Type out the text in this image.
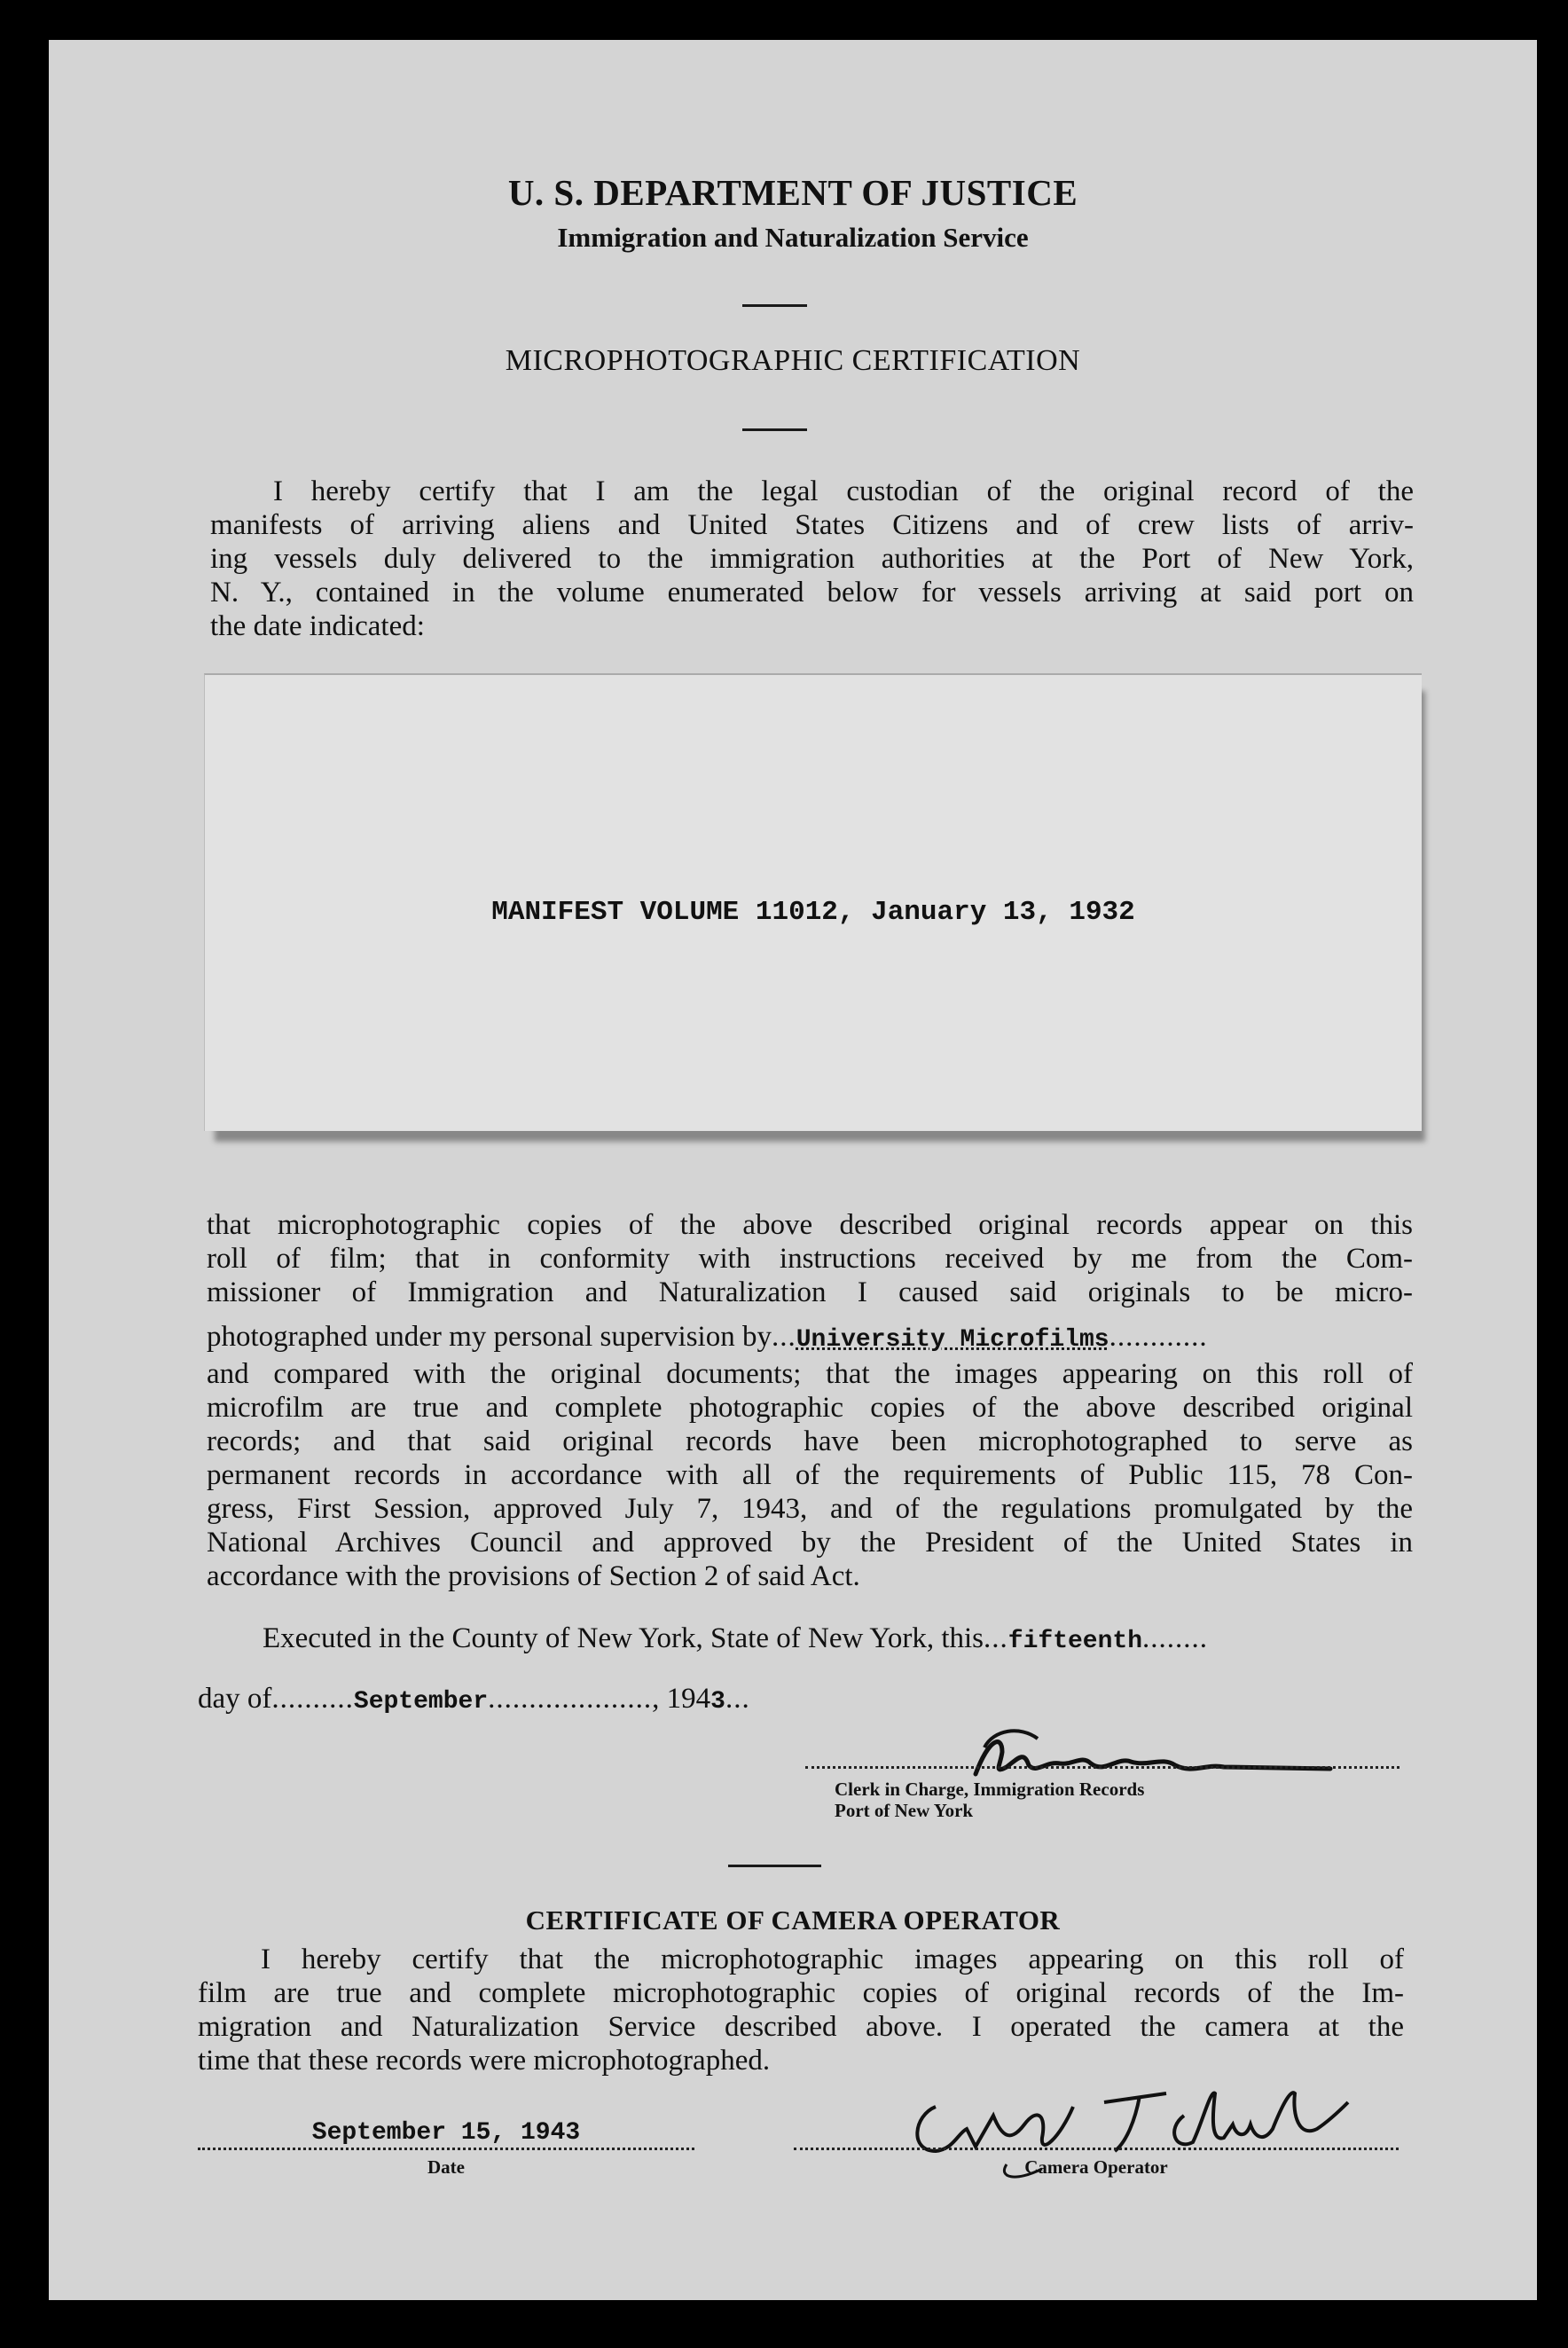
U. S. DEPARTMENT OF JUSTICE
Immigration and Naturalization Service
MICROPHOTOGRAPHIC CERTIFICATION
I hereby certify that I am the legal custodian of the original record of the
manifests of arriving aliens and United States Citizens and of crew lists of arriv-
ing vessels duly delivered to the immigration authorities at the Port of New York,
N. Y., contained in the volume enumerated below for vessels arriving at said port on
the date indicated:
MANIFEST VOLUME 11012, January 13, 1932
that microphotographic copies of the above described original records appear on this
roll of film; that in conformity with instructions received by me from the Com-
missioner of Immigration and Naturalization I caused said originals to be micro-
photographed under my personal supervision by...University Microfilms............
and compared with the original documents; that the images appearing on this roll of
microfilm are true and complete photographic copies of the above described original
records; and that said original records have been microphotographed to serve as
permanent records in accordance with all of the requirements of Public 115, 78 Con-
gress, First Session, approved July 7, 1943, and of the regulations promulgated by the
National Archives Council and approved by the President of the United States in
accordance with the provisions of Section 2 of said Act.
Executed in the County of New York, State of New York, this...fifteenth........
day of..........September...................., 1943...
Clerk in Charge, Immigration Records
Port of New York
CERTIFICATE OF CAMERA OPERATOR
I hereby certify that the microphotographic images appearing on this roll of
film are true and complete microphotographic copies of original records of the Im-
migration and Naturalization Service described above. I operated the camera at the
time that these records were microphotographed.
September 15, 1943
Date	Camera Operator
